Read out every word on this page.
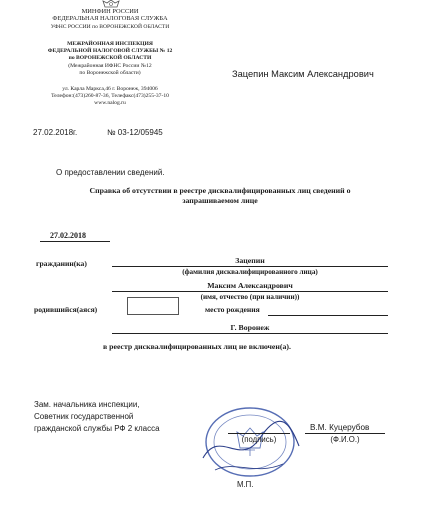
МИНФИН РОССИИ
ФЕДЕРАЛЬНАЯ НАЛОГОВАЯ СЛУЖБА
УФНС РОССИИ по ВОРОНЕЖСКОЙ ОБЛАСТИ
МЕЖРАЙОННАЯ ИНСПЕКЦИЯ
ФЕДЕРАЛЬНОЙ НАЛОГОВОЙ СЛУЖБЫ № 12
по ВОРОНЕЖСКОЙ ОБЛАСТИ
(Межрайонная ИФНС России №12
по Воронежской области)
ул. Карла Маркса,46 г. Воронеж, 394006
Телефон:(473)260-87-36, Телефакс(473)255-37-10
www.nalog.ru
Зацепин Максим Александрович
27.02.2018г.	№ 03-12/05945
О предоставлении сведений.
Справка об отсутствии в реестре дисквалифицированных лиц сведений о
запрашиваемом лице
27.02.2018
гражданин(ка)	Зацепин
(фамилия дисквалифицированного лица)
Максим Александрович
(имя, отчество (при наличии))
родившийся(аяся)	место рождения
Г. Воронеж
в реестр дисквалифицированных лиц не включен(а).
Зам. начальника инспекции,
Советник государственной
гражданской службы РФ 2 класса
(подпись)
В.М. Куцерубов
(Ф.И.О.)
М.П.
